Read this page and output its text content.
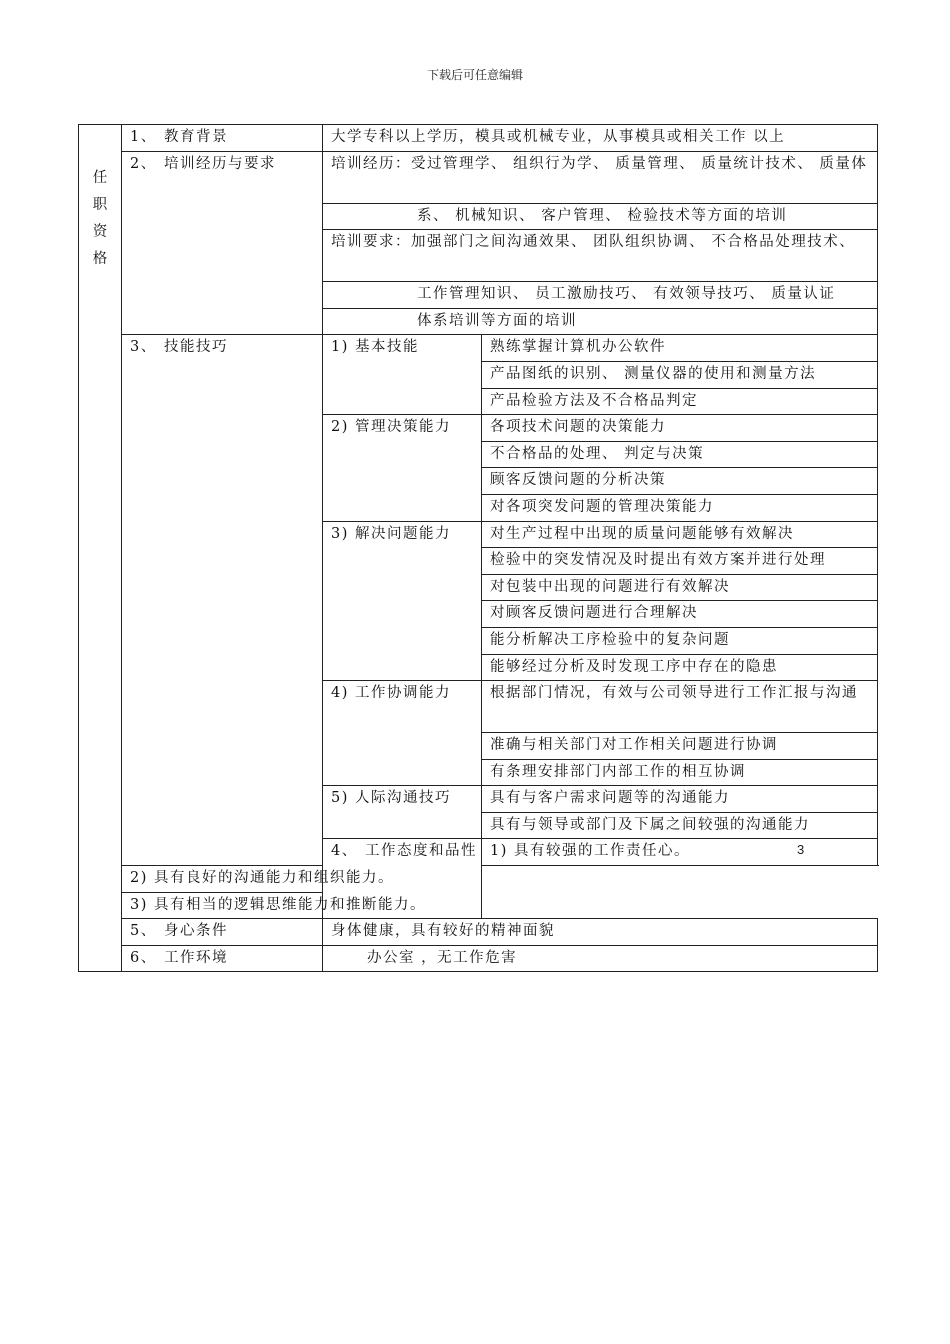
下载后可任意编辑
任
职
资
格	1、 教育背景	大学专科以上学历，模具或机械专业，从事模具或相关工作 以上	
	2、 培训经历与要求	培训经历：受过管理学、 组织行为学、 质量管理、 质量统计技术、 质量体	
		系、 机械知识、 客户管理、 检验技术等方面的培训	
		培训要求：加强部门之间沟通效果、 团队组织协调、 不合格品处理技术、	
		工作管理知识、 员工激励技巧、 有效领导技巧、 质量认证	
		体系培训等方面的培训	
	3、 技能技巧	1) 基本技能	熟练掌握计算机办公软件
			产品图纸的识别、 测量仪器的使用和测量方法
			产品检验方法及不合格品判定
		2) 管理决策能力	各项技术问题的决策能力
			不合格品的处理、 判定与决策
			顾客反馈问题的分析决策
			对各项突发问题的管理决策能力
		3) 解决问题能力	对生产过程中出现的质量问题能够有效解决
			检验中的突发情况及时提出有效方案并进行处理
			对包装中出现的问题进行有效解决
			对顾客反馈问题进行合理解决
			能分析解决工序检验中的复杂问题
			能够经过分析及时发现工序中存在的隐患
		4) 工作协调能力	根据部门情况，有效与公司领导进行工作汇报与沟通
			准确与相关部门对工作相关问题进行协调
			有条理安排部门内部工作的相互协调
		5) 人际沟通技巧	具有与客户需求问题等的沟通能力
			具有与领导或部门及下属之间较强的沟通能力
		4、 工作态度和品性	1) 具有较强的工作责任心。
	2) 具有良好的沟通能力和组织能力。		
	3) 具有相当的逻辑思维能力和推断能力。		
	5、 身心条件	身体健康，具有较好的精神面貌	
	6、 工作环境	办公室 ，无工作危害	
3
